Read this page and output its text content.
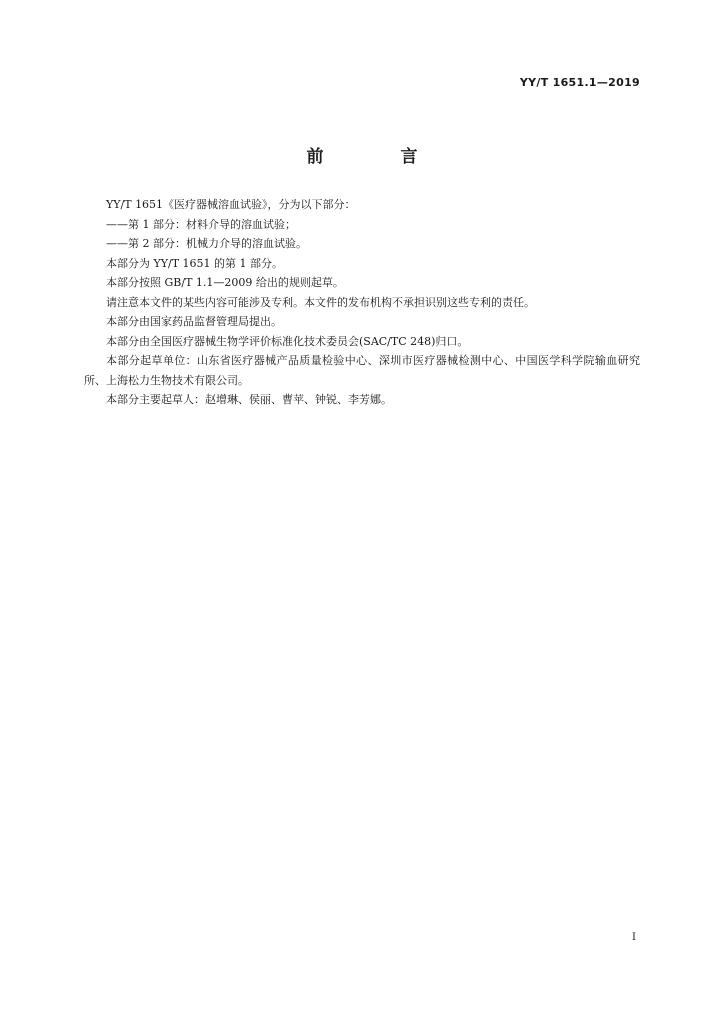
YY/T 1651.1—2019
前　言

YY/T 1651《医疗器械溶血试验》，分为以下部分：

——第 1 部分：材料介导的溶血试验；

——第 2 部分：机械力介导的溶血试验。

本部分为 YY/T 1651 的第 1 部分。

本部分按照 GB/T 1.1—2009 给出的规则起草。

请注意本文件的某些内容可能涉及专利。本文件的发布机构不承担识别这些专利的责任。

本部分由国家药品监督管理局提出。

本部分由全国医疗器械生物学评价标准化技术委员会(SAC/TC 248)归口。

本部分起草单位：山东省医疗器械产品质量检验中心、深圳市医疗器械检测中心、中国医学科学院输血研究所、上海松力生物技术有限公司。

本部分主要起草人：赵增琳、侯丽、曹苹、钟锐、李芳娜。

I
